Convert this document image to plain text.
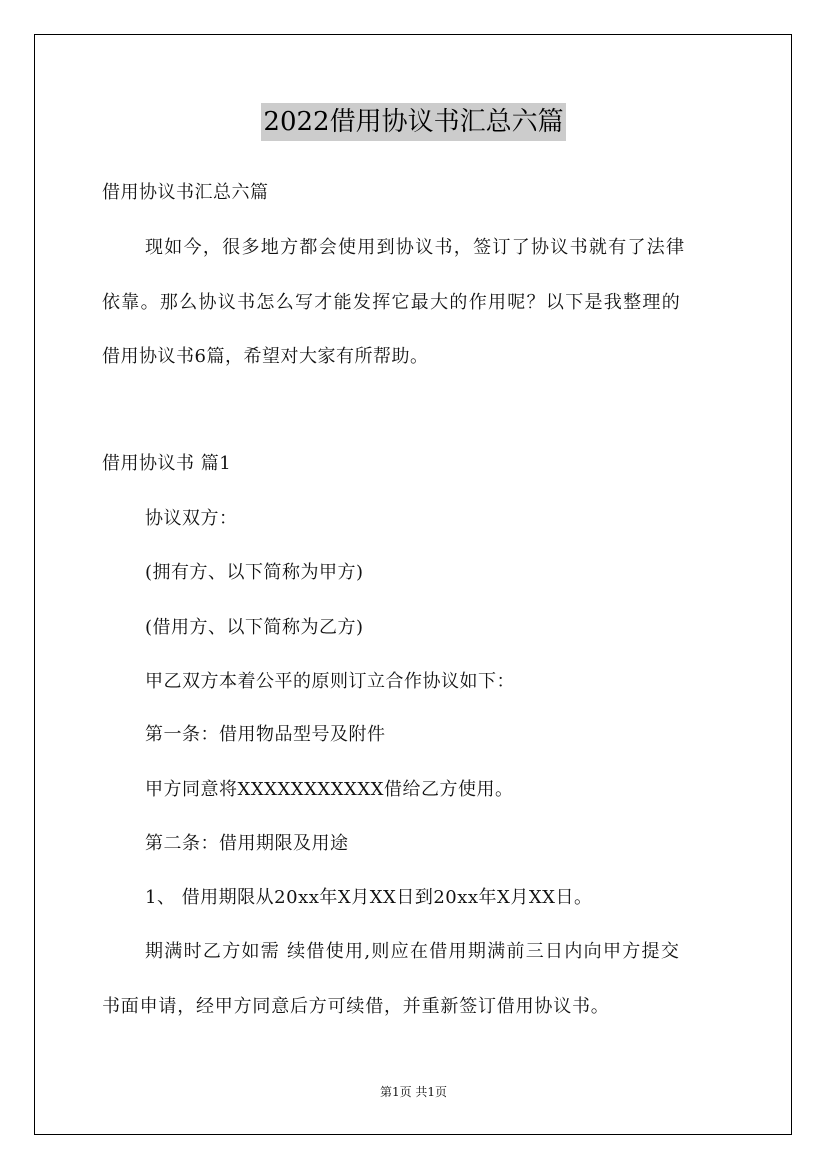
2022借用协议书汇总六篇
借用协议书汇总六篇
现如今，很多地方都会使用到协议书，签订了协议书就有了法律
依靠。那么协议书怎么写才能发挥它最大的作用呢？以下是我整理的
借用协议书6篇，希望对大家有所帮助。
借用协议书 篇1
协议双方：
(拥有方、以下简称为甲方)
(借用方、以下简称为乙方)
甲乙双方本着公平的原则订立合作协议如下：
第一条：借用物品型号及附件
甲方同意将XXXXXXXXXXX借给乙方使用。
第二条：借用期限及用途
1、 借用期限从20xx年X月XX日到20xx年X月XX日。
期满时乙方如需 续借使用,则应在借用期满前三日内向甲方提交
书面申请，经甲方同意后方可续借，并重新签订借用协议书。
第1页 共1页
